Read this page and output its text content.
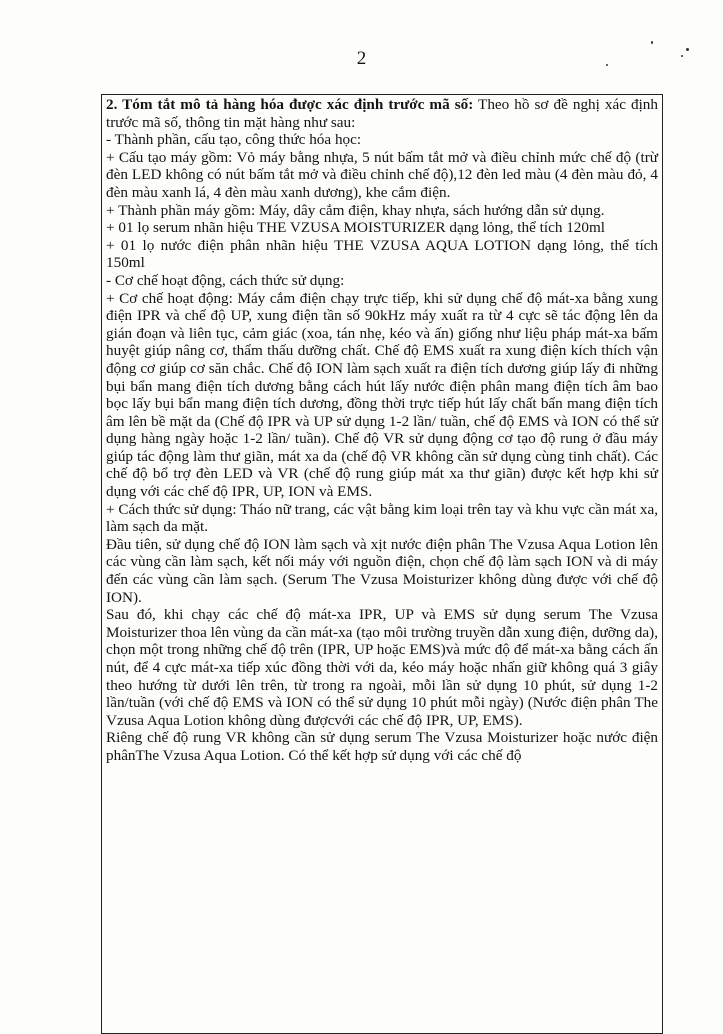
2

2. Tóm tắt mô tả hàng hóa được xác định trước mã số: Theo hồ sơ đề nghị xác định trước mã số, thông tin mặt hàng như sau:

- Thành phần, cấu tạo, công thức hóa học:

+ Cấu tạo máy gồm: Vỏ máy bằng nhựa, 5 nút bấm tắt mở và điều chỉnh mức chế độ (trừ đèn LED không có nút bấm tắt mở và điều chỉnh chế độ),12 đèn led màu (4 đèn màu đỏ, 4 đèn màu xanh lá, 4 đèn màu xanh dương), khe cắm điện.

+ Thành phần máy gồm: Máy, dây cắm điện, khay nhựa, sách hướng dẫn sử dụng.

+ 01 lọ serum nhãn hiệu THE VZUSA MOISTURIZER dạng lỏng, thể tích 120ml

+ 01 lọ nước điện phân nhãn hiệu THE VZUSA AQUA LOTION dạng lỏng, thể tích 150ml

- Cơ chế hoạt động, cách thức sử dụng:

+ Cơ chế hoạt động: Máy cắm điện chạy trực tiếp, khi sử dụng chế độ mát-xa bằng xung điện IPR và chế độ UP, xung điện tần số 90kHz máy xuất ra từ 4 cực sẽ tác động lên da gián đoạn và liên tục, cảm giác (xoa, tán nhẹ, kéo và ấn) giống như liệu pháp mát-xa bấm huyệt giúp nâng cơ, thẩm thấu dưỡng chất. Chế độ EMS xuất ra xung điện kích thích vận động cơ giúp cơ săn chắc. Chế độ ION làm sạch xuất ra điện tích dương giúp lấy đi những bụi bẩn mang điện tích dương bằng cách hút lấy nước điện phân mang điện tích âm bao bọc lấy bụi bẩn mang điện tích dương, đồng thời trực tiếp hút lấy chất bẩn mang điện tích âm lên bề mặt da (Chế độ IPR và UP sử dụng 1-2 lần/ tuần, chế độ EMS và ION có thể sử dụng hàng ngày hoặc 1-2 lần/ tuần). Chế độ VR sử dụng động cơ tạo độ rung ở đầu máy giúp tác động làm thư giãn, mát xa da (chế độ VR không cần sử dụng cùng tinh chất). Các chế độ bổ trợ đèn LED và VR (chế độ rung giúp mát xa thư giãn) được kết hợp khi sử dụng với các chế độ IPR, UP, ION và EMS.

+ Cách thức sử dụng: Tháo nữ trang, các vật bằng kim loại trên tay và khu vực cần mát xa, làm sạch da mặt.

Đầu tiên, sử dụng chế độ ION làm sạch và xịt nước điện phân The Vzusa Aqua Lotion lên các vùng cần làm sạch, kết nối máy với nguồn điện, chọn chế độ làm sạch ION và di máy đến các vùng cần làm sạch. (Serum The Vzusa Moisturizer không dùng được với chế độ ION).

Sau đó, khi chạy các chế độ mát-xa IPR, UP và EMS sử dụng serum The Vzusa Moisturizer thoa lên vùng da cần mát-xa (tạo môi trường truyền dẫn xung điện, dưỡng da), chọn một trong những chế độ trên (IPR, UP hoặc EMS)và mức độ để mát-xa bằng cách ấn nút, để 4 cực mát-xa tiếp xúc đồng thời với da, kéo máy hoặc nhấn giữ không quá 3 giây theo hướng từ dưới lên trên, từ trong ra ngoài, mỗi lần sử dụng 10 phút, sử dụng 1-2 lần/tuần (với chế độ EMS và ION có thể sử dụng 10 phút mỗi ngày) (Nước điện phân The Vzusa Aqua Lotion không dùng đượcvới các chế độ IPR, UP, EMS).

Riêng chế độ rung VR không cần sử dụng serum The Vzusa Moisturizer hoặc nước điện phânThe Vzusa Aqua Lotion. Có thể kết hợp sử dụng với các chế độ
